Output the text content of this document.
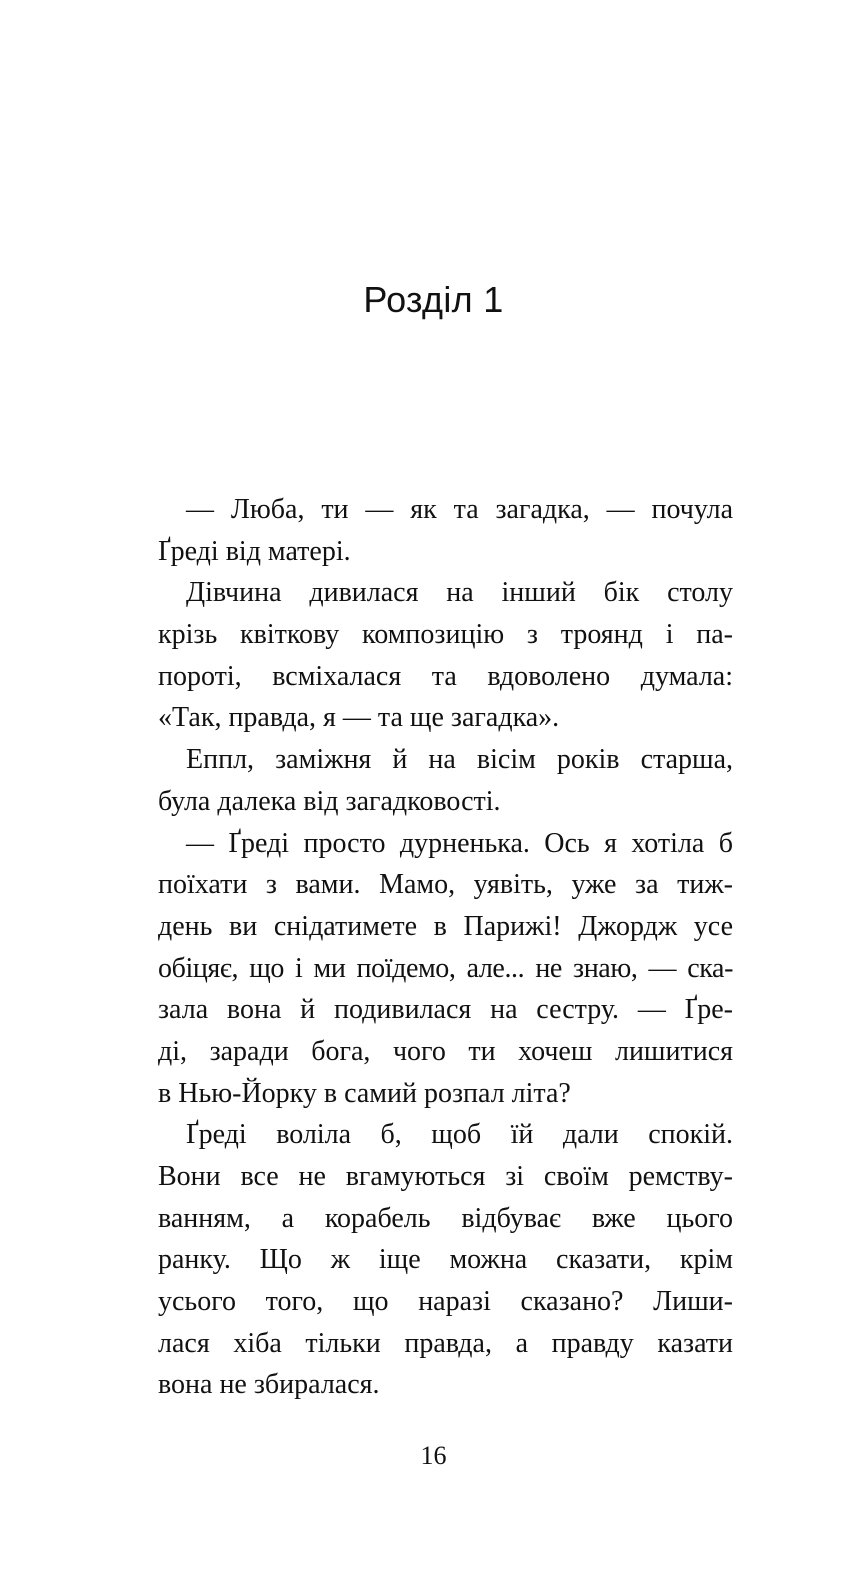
Розділ 1
— Люба, ти — як та загадка, — почула
Ґреді від матері.
Дівчина дивилася на інший бік столу
крізь квіткову композицію з троянд і па-
пороті, всміхалася та вдоволено думала:
«Так, правда, я — та ще загадка».
Еппл, заміжня й на вісім років старша,
була далека від загадковості.
— Ґреді просто дурненька. Ось я хотіла б
поїхати з вами. Мамо, уявіть, уже за тиж-
день ви снідатимете в Парижі! Джордж усе
обіцяє, що і ми поїдемо, але... не знаю, — ска-
зала вона й подивилася на сестру. — Ґре-
ді, заради бога, чого ти хочеш лишитися
в Нью-Йорку в самий розпал літа?
Ґреді воліла б, щоб їй дали спокій.
Вони все не вгамуються зі своїм ремству-
ванням, а корабель відбуває вже цього
ранку. Що ж іще можна сказати, крім
усього того, що наразі сказано? Лиши-
лася хіба тільки правда, а правду казати
вона не збиралася.
16
